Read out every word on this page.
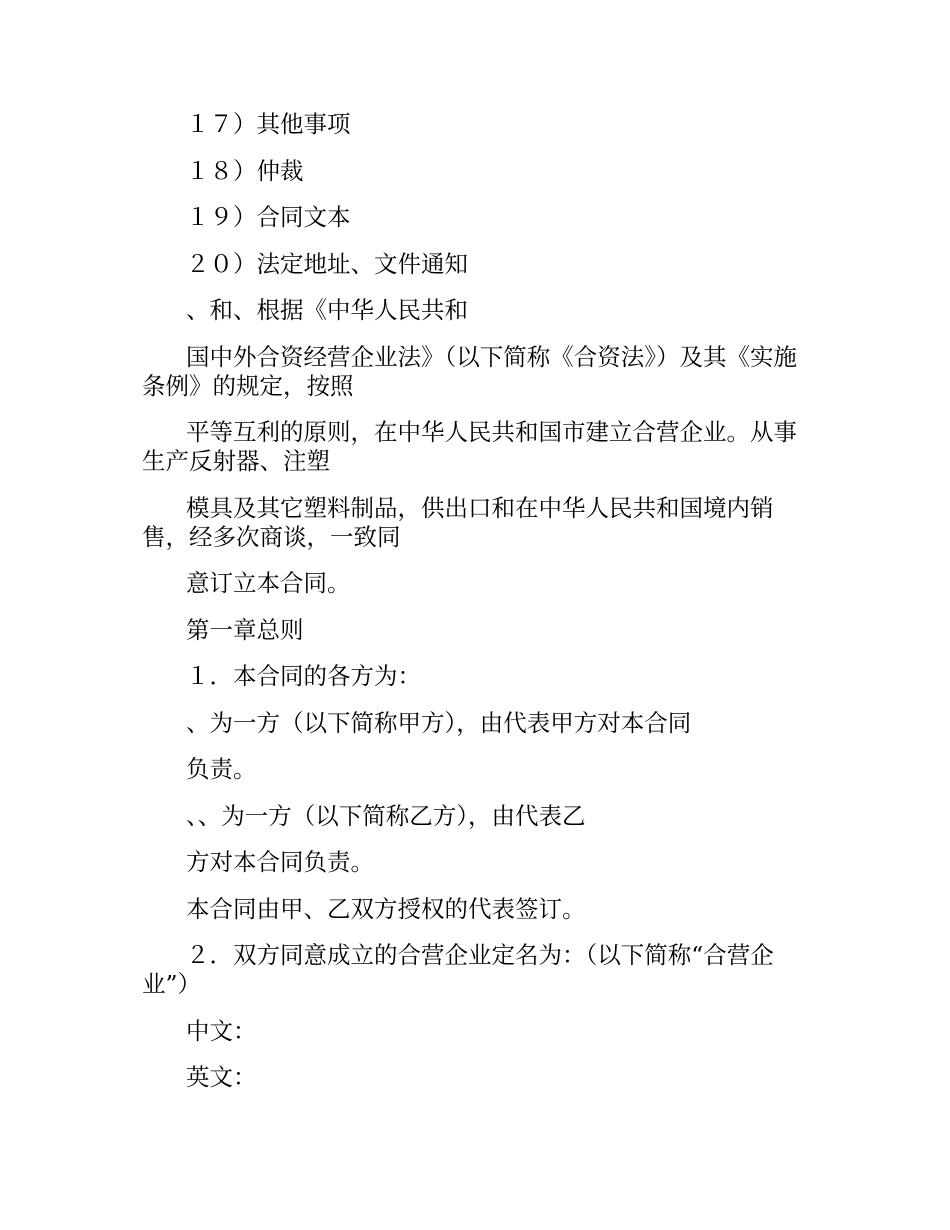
１７）其他事项

１８）仲裁

１９）合同文本

２０）法定地址、文件通知

、和、根据《中华人民共和

国中外合资经营企业法》（以下简称《合资法》）及其《实施条例》的规定，按照

平等互利的原则，在中华人民共和国市建立合营企业。从事生产反射器、注塑

模具及其它塑料制品，供出口和在中华人民共和国境内销售，经多次商谈，一致同

意订立本合同。

第一章总则

１．本合同的各方为：

、为一方（以下简称甲方），由代表甲方对本合同

负责。

、、为一方（以下简称乙方），由代表乙

方对本合同负责。

本合同由甲、乙双方授权的代表签订。

２．双方同意成立的合营企业定名为：（以下简称“合营企业”）

中文：

英文：
